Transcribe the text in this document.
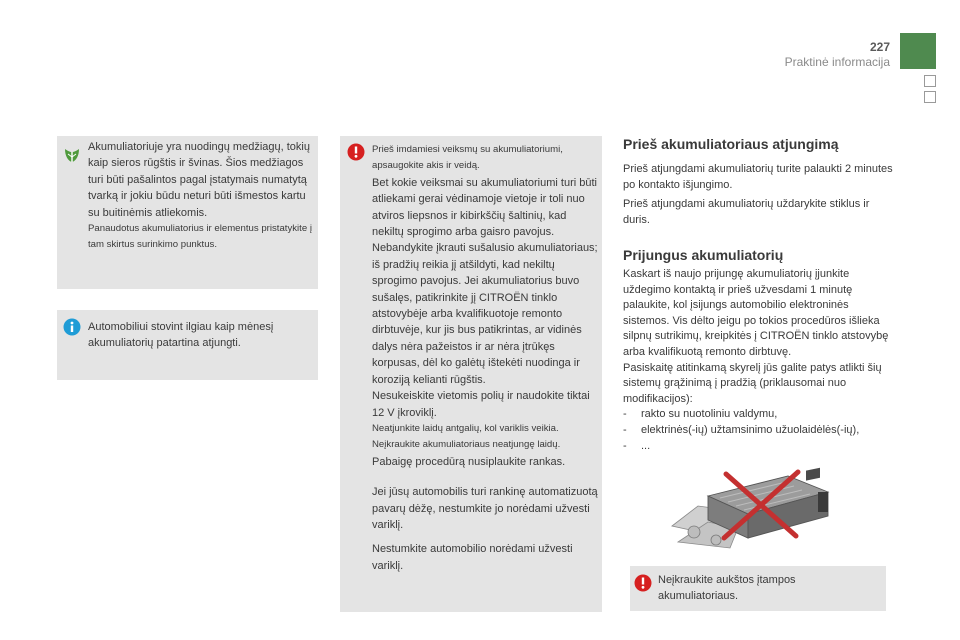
227
Praktinė informacija

Akumuliatoriuje yra nuodingų medžiagų, tokių kaip sieros rūgštis ir švinas. Šios medžiagos turi būti pašalintos pagal įstatymais numatytą tvarką ir jokiu būdu neturi būti išmestos kartu su buitinėmis atliekomis.

Panaudotus akumuliatorius ir elementus pristatykite į tam skirtus surinkimo punktus.

Automobiliui stovint ilgiau kaip mėnesį akumuliatorių patartina atjungti.

Prieš imdamiesi veiksmų su akumuliatoriumi, apsaugokite akis ir veidą.

Bet kokie veiksmai su akumuliatoriumi turi būti atliekami gerai vėdinamoje vietoje ir toli nuo atviros liepsnos ir kibirkščių šaltinių, kad nekiltų sprogimo arba gaisro pavojus.

Nebandykite įkrauti sušalusio akumuliatoriaus; iš pradžių reikia jį atšildyti, kad nekiltų sprogimo pavojus. Jei akumuliatorius buvo sušalęs, patikrinkite jį CITROËN tinklo atstovybėje arba kvalifikuotoje remonto dirbtuvėje, kur jis bus patikrintas, ar vidinės dalys nėra pažeistos ir ar nėra įtrūkęs korpusas, dėl ko galėtų ištekėti nuodinga ir koroziją kelianti rūgštis.

Nesukeiskite vietomis polių ir naudokite tiktai 12 V įkroviklį.

Neatjunkite laidų antgalių, kol variklis veikia.

Neįkraukite akumuliatoriaus neatjungę laidų.

Pabaigę procedūrą nusiplaukite rankas.

Jei jūsų automobilis turi rankinę automatizuotą pavarų dėžę, nestumkite jo norėdami užvesti variklį.

Nestumkite automobilio norėdami užvesti variklį.

Prieš akumuliatoriaus atjungimą

Prieš atjungdami akumuliatorių turite palaukti 2 minutes po kontakto išjungimo.

Prieš atjungdami akumuliatorių uždarykite stiklus ir duris.

Prijungus akumuliatorių

Kaskart iš naujo prijungę akumuliatorių įjunkite uždegimo kontaktą ir prieš užvesdami 1 minutę palaukite, kol įsijungs automobilio elektroninės sistemos. Vis dėlto jeigu po tokios procedūros išlieka silpnų sutrikimų, kreipkitės į CITROËN tinklo atstovybę arba kvalifikuotą remonto dirbtuvę.

Pasiskaitę atitinkamą skyrelį jūs galite patys atlikti šių sistemų grąžinimą į pradžią (priklausomai nuo modifikacijos):

-	rakto su nuotoliniu valdymu,
-	elektrinės(-ių) užtamsinimo užuolaidėlės(-ių),
-	...
Neįkraukite aukštos įtampos akumuliatoriaus.
